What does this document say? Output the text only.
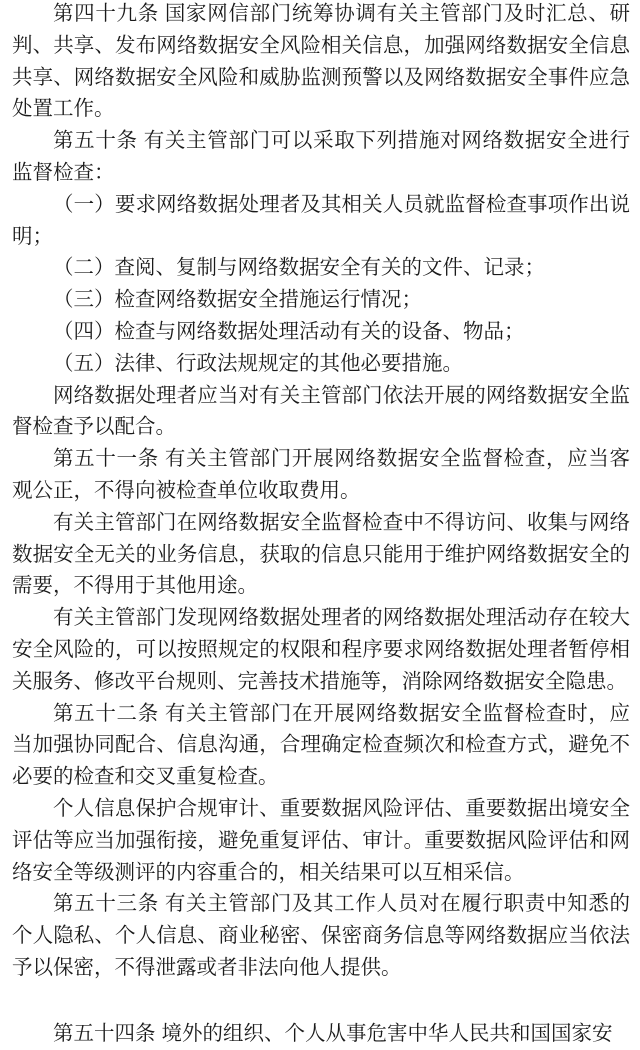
第四十九条 国家网信部门统筹协调有关主管部门及时汇总、研判、共享、发布网络数据安全风险相关信息，加强网络数据安全信息共享、网络数据安全风险和威胁监测预警以及网络数据安全事件应急处置工作。

第五十条 有关主管部门可以采取下列措施对网络数据安全进行监督检查：

（一）要求网络数据处理者及其相关人员就监督检查事项作出说明；

（二）查阅、复制与网络数据安全有关的文件、记录；

（三）检查网络数据安全措施运行情况；

（四）检查与网络数据处理活动有关的设备、物品；

（五）法律、行政法规规定的其他必要措施。

网络数据处理者应当对有关主管部门依法开展的网络数据安全监督检查予以配合。

第五十一条 有关主管部门开展网络数据安全监督检查，应当客观公正，不得向被检查单位收取费用。

有关主管部门在网络数据安全监督检查中不得访问、收集与网络数据安全无关的业务信息，获取的信息只能用于维护网络数据安全的需要，不得用于其他用途。

有关主管部门发现网络数据处理者的网络数据处理活动存在较大安全风险的，可以按照规定的权限和程序要求网络数据处理者暂停相关服务、修改平台规则、完善技术措施等，消除网络数据安全隐患。

第五十二条 有关主管部门在开展网络数据安全监督检查时，应当加强协同配合、信息沟通，合理确定检查频次和检查方式，避免不必要的检查和交叉重复检查。

个人信息保护合规审计、重要数据风险评估、重要数据出境安全评估等应当加强衔接，避免重复评估、审计。重要数据风险评估和网络安全等级测评的内容重合的，相关结果可以互相采信。

第五十三条 有关主管部门及其工作人员对在履行职责中知悉的个人隐私、个人信息、商业秘密、保密商务信息等网络数据应当依法予以保密，不得泄露或者非法向他人提供。

第五十四条 境外的组织、个人从事危害中华人民共和国国家安
